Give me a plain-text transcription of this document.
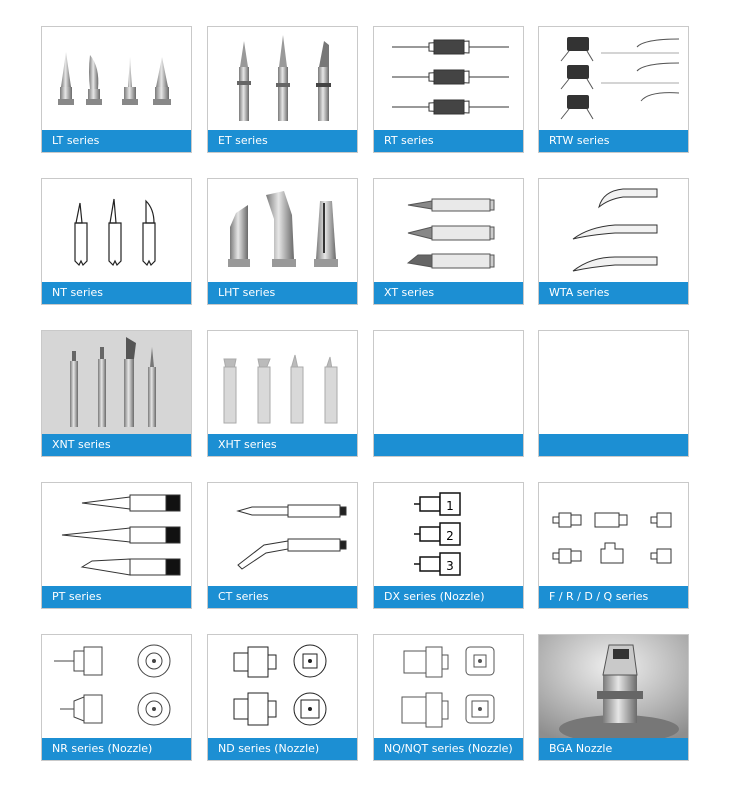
LT series	ET series	RT series	RTW series
NT series	LHT series	XT series	WTA series
XNT series	XHT series
PT series	CT series
1
2
3
DX series (Nozzle)	F / R / D / Q series
NR series (Nozzle)	ND series (Nozzle)	NQ/NQT series (Nozzle)	BGA Nozzle
